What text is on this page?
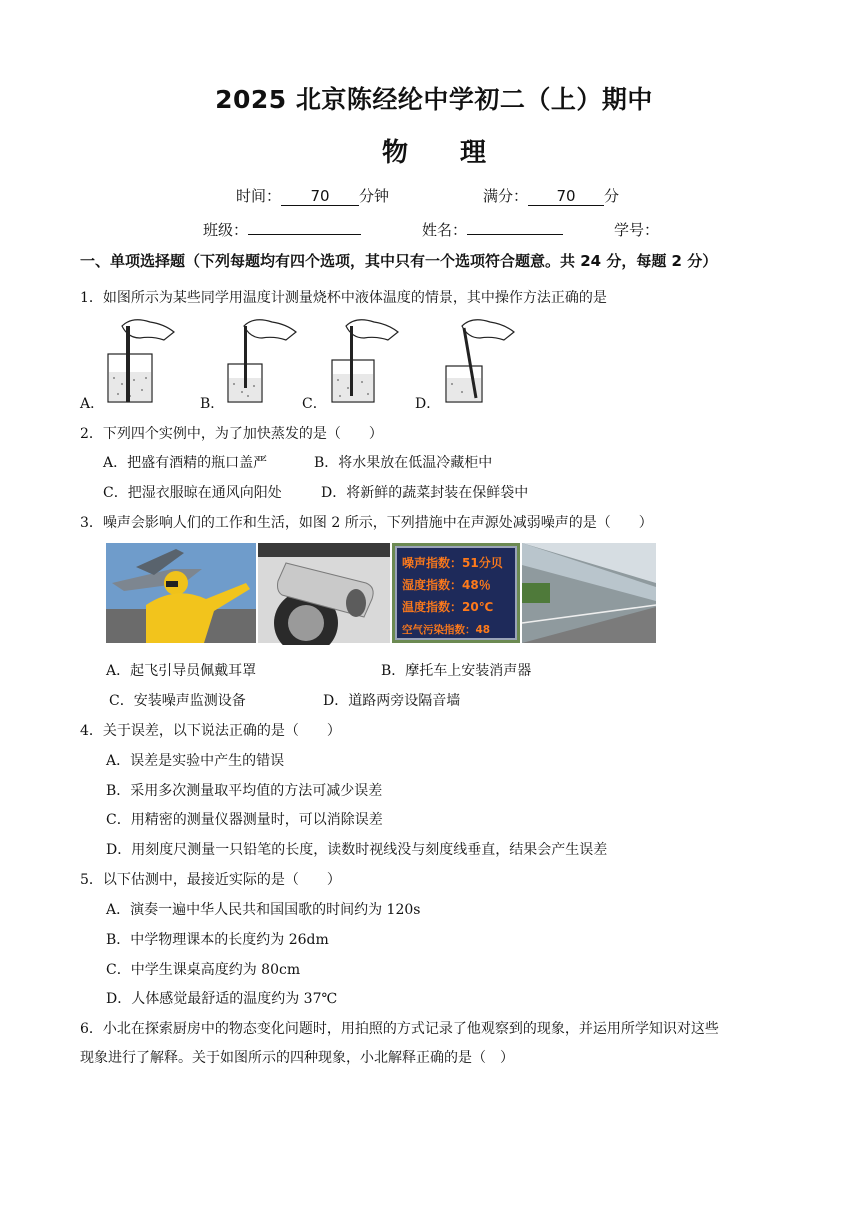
2025 北京陈经纶中学初二（上）期中
物 理
时间： 70 分钟	满分： 70 分
班级：	姓名：	学号：
一、单项选择题（下列每题均有四个选项，其中只有一个选项符合题意。共 24 分，每题 2 分）
1．如图所示为某些同学用温度计测量烧杯中液体温度的情景，其中操作方法正确的是
A．	B．	C．	D．
2．下列四个实例中，为了加快蒸发的是（　　）
A．把盛有酒精的瓶口盖严	B．将水果放在低温冷藏柜中
C．把湿衣服晾在通风向阳处	D．将新鲜的蔬菜封装在保鲜袋中
3．噪声会影响人们的工作和生活，如图 2 所示，下列措施中在声源处减弱噪声的是（　　）
噪声指数：51分贝
湿度指数：48％
温度指数：20℃
空气污染指数：48
A．起飞引导员佩戴耳罩	B．摩托车上安装消声器
C．安装噪声监测设备	D．道路两旁设隔音墙
4．关于误差，以下说法正确的是（　　）
A．误差是实验中产生的错误
B．采用多次测量取平均值的方法可减少误差
C．用精密的测量仪器测量时，可以消除误差
D．用刻度尺测量一只铅笔的长度，读数时视线没与刻度线垂直，结果会产生误差
5．以下估测中，最接近实际的是（　　）
A．演奏一遍中华人民共和国国歌的时间约为 120s
B．中学物理课本的长度约为 26dm
C．中学生课桌高度约为 80cm
D．人体感觉最舒适的温度约为 37℃
6．小北在探索厨房中的物态变化问题时，用拍照的方式记录了他观察到的现象，并运用所学知识对这些
现象进行了解释。关于如图所示的四种现象，小北解释正确的是（　）
